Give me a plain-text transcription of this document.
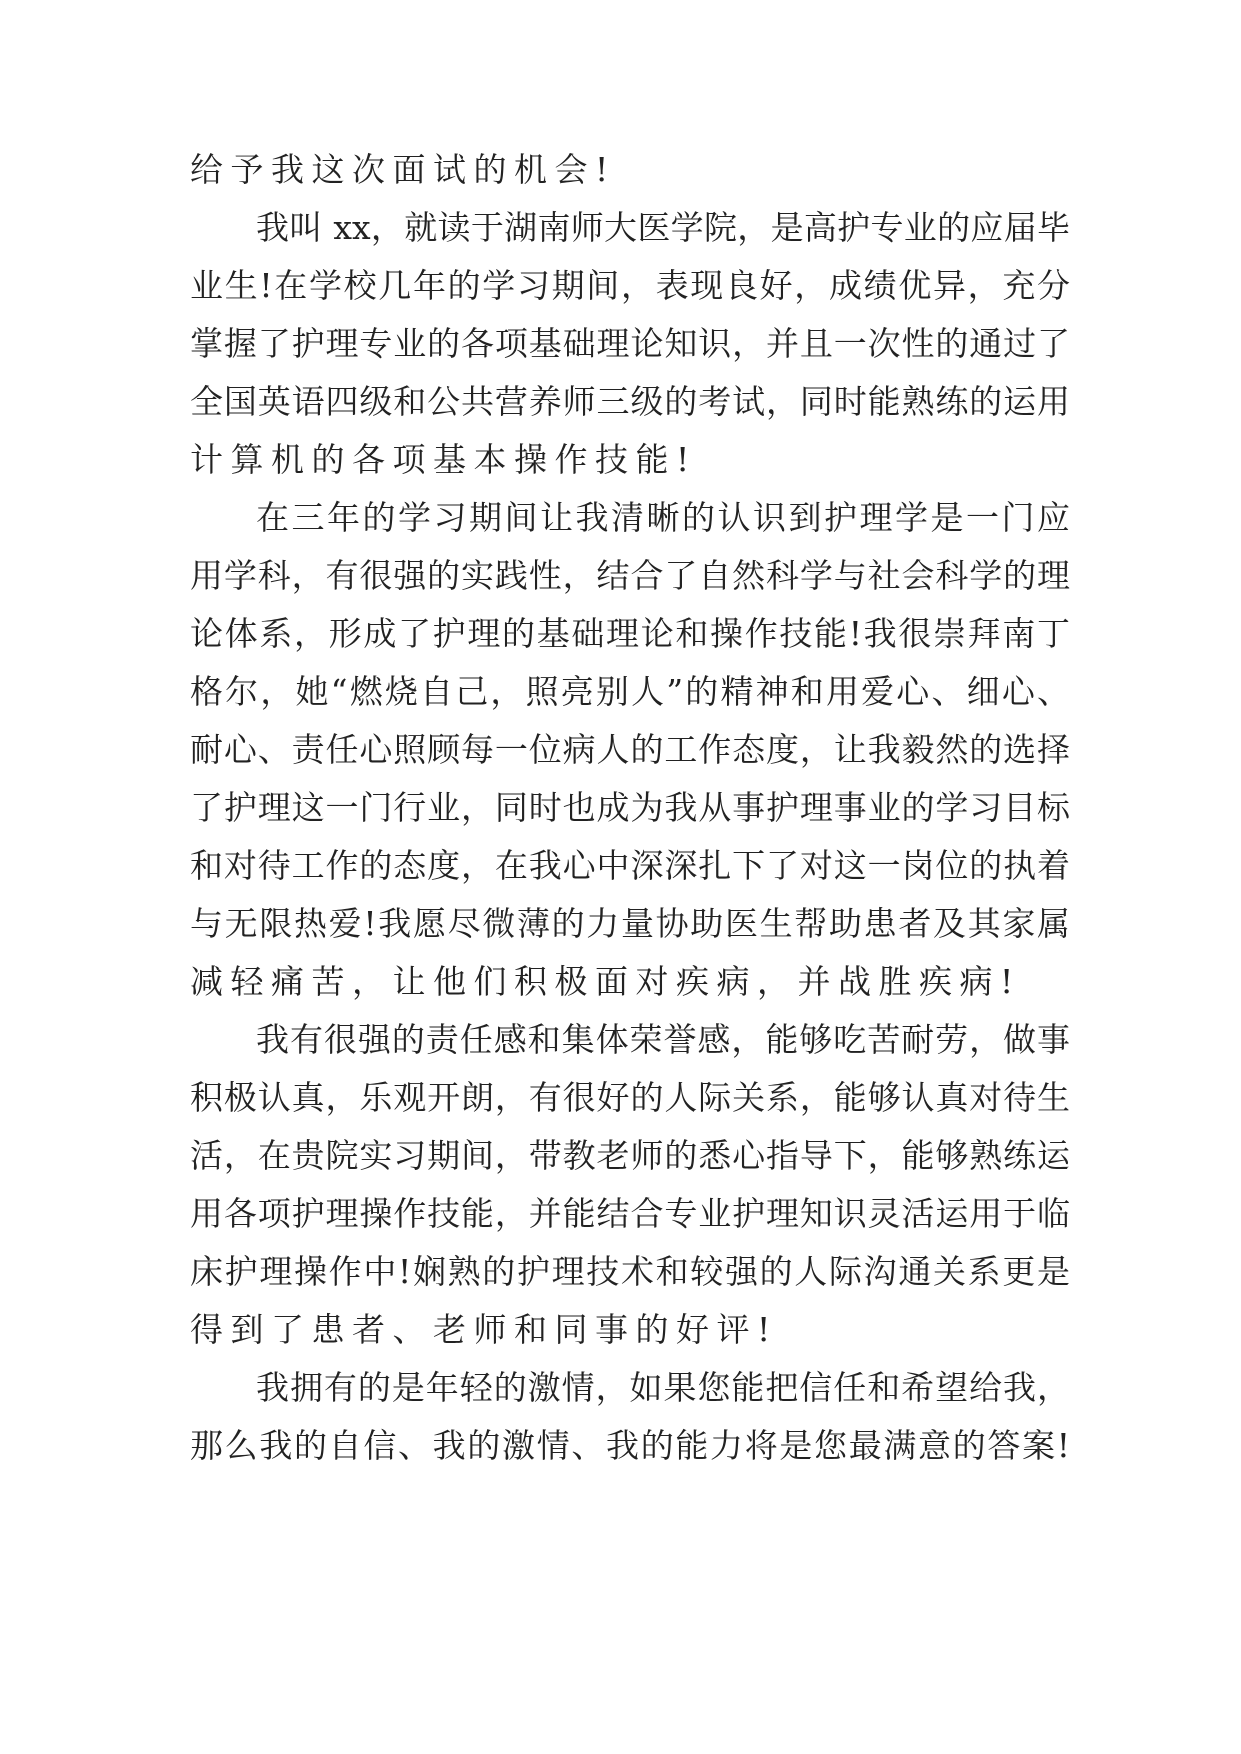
给予我这次面试的机会!

我叫 xx，就读于湖南师大医学院，是高护专业的应届毕

业生!在学校几年的学习期间，表现良好，成绩优异，充分

掌握了护理专业的各项基础理论知识，并且一次性的通过了

全国英语四级和公共营养师三级的考试，同时能熟练的运用

计算机的各项基本操作技能!

在三年的学习期间让我清晰的认识到护理学是一门应

用学科，有很强的实践性，结合了自然科学与社会科学的理

论体系，形成了护理的基础理论和操作技能!我很崇拜南丁

格尔，她“燃烧自己，照亮别人”的精神和用爱心、细心、

耐心、责任心照顾每一位病人的工作态度，让我毅然的选择

了护理这一门行业，同时也成为我从事护理事业的学习目标

和对待工作的态度，在我心中深深扎下了对这一岗位的执着

与无限热爱!我愿尽微薄的力量协助医生帮助患者及其家属

减轻痛苦，让他们积极面对疾病，并战胜疾病!

我有很强的责任感和集体荣誉感，能够吃苦耐劳，做事

积极认真，乐观开朗，有很好的人际关系，能够认真对待生

活，在贵院实习期间，带教老师的悉心指导下，能够熟练运

用各项护理操作技能，并能结合专业护理知识灵活运用于临

床护理操作中!娴熟的护理技术和较强的人际沟通关系更是

得到了患者、老师和同事的好评!

我拥有的是年轻的激情，如果您能把信任和希望给我，

那么我的自信、我的激情、我的能力将是您最满意的答案!
